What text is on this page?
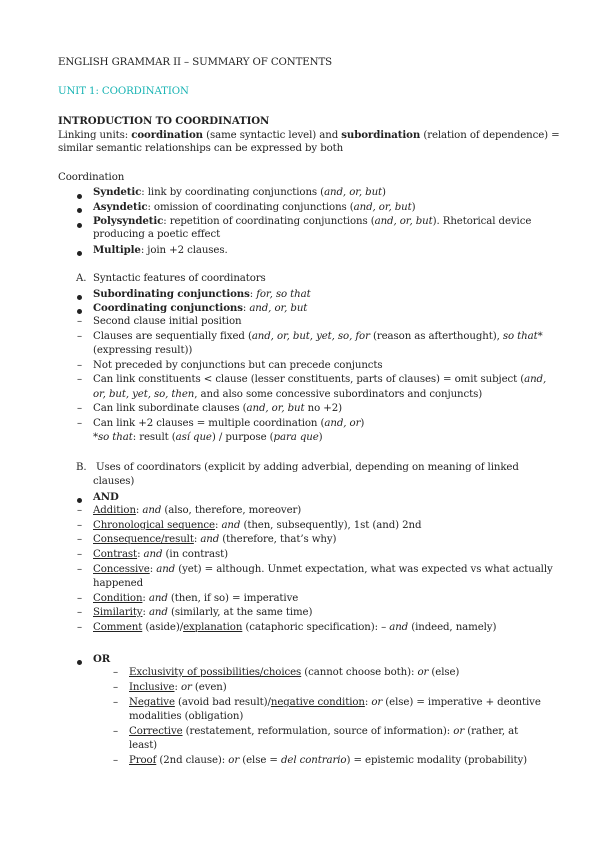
ENGLISH GRAMMAR II – SUMMARY OF CONTENTS
UNIT 1: COORDINATION
INTRODUCTION TO COORDINATION
Linking units: coordination (same syntactic level) and subordination (relation of dependence) =
similar semantic relationships can be expressed by both
Coordination
Syndetic: link by coordinating conjunctions (and, or, but)
Asyndetic: omission of coordinating conjunctions (and, or, but)
Polysyndetic: repetition of coordinating conjunctions (and, or, but). Rhetorical device
producing a poetic effect
Multiple: join +2 clauses.
A. Syntactic features of coordinators
Subordinating conjunctions: for, so that
Coordinating conjunctions: and, or, but
– Second clause initial position
– Clauses are sequentially fixed (and, or, but, yet, so, for (reason as afterthought), so that*
(expressing result))
– Not preceded by conjunctions but can precede conjuncts
– Can link constituents < clause (lesser constituents, parts of clauses) = omit subject (and,
or, but, yet, so, then, and also some concessive subordinators and conjuncts)
– Can link subordinate clauses (and, or, but no +2)
– Can link +2 clauses = multiple coordination (and, or)
*so that: result (así que) / purpose (para que)
B. Uses of coordinators (explicit by adding adverbial, depending on meaning of linked
clauses)
AND
– Addition: and (also, therefore, moreover)
– Chronological sequence: and (then, subsequently), 1st (and) 2nd
– Consequence/result: and (therefore, that’s why)
– Contrast: and (in contrast)
– Concessive: and (yet) = although. Unmet expectation, what was expected vs what actually
happened
– Condition: and (then, if so) = imperative
– Similarity: and (similarly, at the same time)
– Comment (aside)/explanation (cataphoric specification): – and (indeed, namely)
OR
– Exclusivity of possibilities/choices (cannot choose both): or (else)
– Inclusive: or (even)
– Negative (avoid bad result)/negative condition: or (else) = imperative + deontive
modalities (obligation)
– Corrective (restatement, reformulation, source of information): or (rather, at
least)
– Proof (2nd clause): or (else = del contrario) = epistemic modality (probability)
